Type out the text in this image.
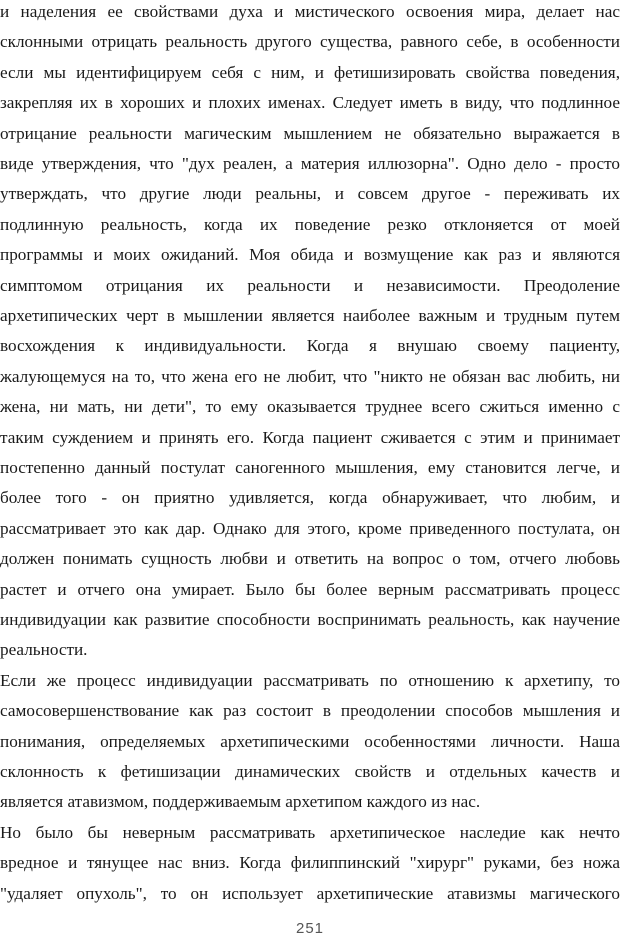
и наделения ее свойствами духа и мистического освоения мира, делает нас
склонными отрицать реальность другого существа, равного себе, в особенности
если мы идентифицируем себя с ним, и фетишизировать свойства поведения,
закрепляя их в хороших и плохих именах. Следует иметь в виду, что подлинное
отрицание реальности магическим мышлением не обязательно выражается в
виде утверждения, что "дух реален, а материя иллюзорна". Одно дело - просто
утверждать, что другие люди реальны, и совсем другое - переживать их
подлинную реальность, когда их поведение резко отклоняется от моей
программы и моих ожиданий. Моя обида и возмущение как раз и являются
симптомом отрицания их реальности и независимости. Преодоление
архетипических черт в мышлении является наиболее важным и трудным путем
восхождения к индивидуальности. Когда я внушаю своему пациенту,
жалующемуся на то, что жена его не любит, что "никто не обязан вас любить, ни
жена, ни мать, ни дети", то ему оказывается труднее всего сжиться именно с
таким суждением и принять его. Когда пациент сживается с этим и принимает
постепенно данный постулат саногенного мышления, ему становится легче, и
более того - он приятно удивляется, когда обнаруживает, что любим, и
рассматривает это как дар. Однако для этого, кроме приведенного постулата, он
должен понимать сущность любви и ответить на вопрос о том, отчего любовь
растет и отчего она умирает. Было бы более верным рассматривать процесс
индивидуации как развитие способности воспринимать реальность, как научение
реальности.
Если же процесс индивидуации рассматривать по отношению к архетипу, то
самосовершенствование как раз состоит в преодолении способов мышления и
понимания, определяемых архетипическими особенностями личности. Наша
склонность к фетишизации динамических свойств и отдельных качеств и
является атавизмом, поддерживаемым архетипом каждого из нас.
Но было бы неверным рассматривать архетипическое наследие как нечто
вредное и тянущее нас вниз. Когда филиппинский "хирург" руками, без ножа
"удаляет опухоль", то он использует архетипические атавизмы магического
251
